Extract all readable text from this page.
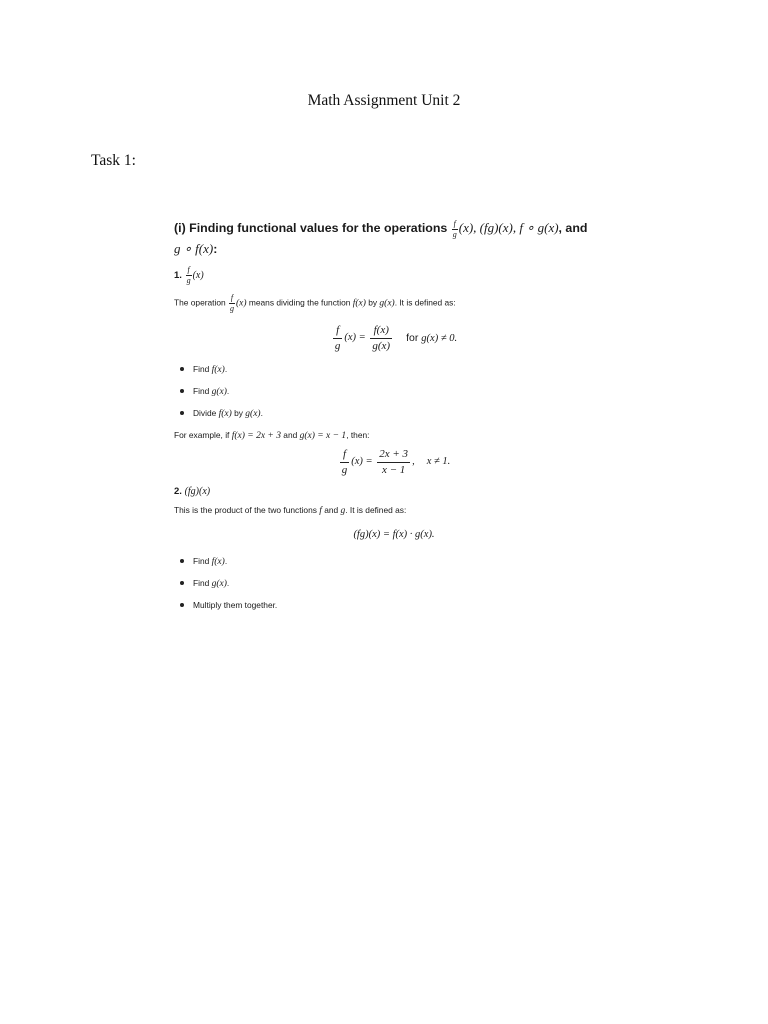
Math Assignment Unit 2
Task 1:

(i) Finding functional values for the operations $\frac{f}{g} (x)$, (fg)(x), f ∘ g(x), and

g ∘ f(x):

1. $\frac{f}{g} (x)$

The operation $\frac{f}{g} (x)$ means dividing the function f(x) by g(x). It is defined as:

$\frac{f}{g} (x) = \frac{f(x)}{g(x)}$ for g(x) ≠ 0.

Find f(x).
Find g(x).
Divide f(x) by g(x).

For example, if f(x) = 2x + 3 and g(x) = x − 1, then:

$\frac{f}{g} (x) = \frac{2x + 3}{x - 1}$ , x ≠ 1.

2. (fg)(x)

This is the product of the two functions f and g. It is defined as:

(fg)(x) = f(x) · g(x).

Find f(x).
Find g(x).
Multiply them together.
